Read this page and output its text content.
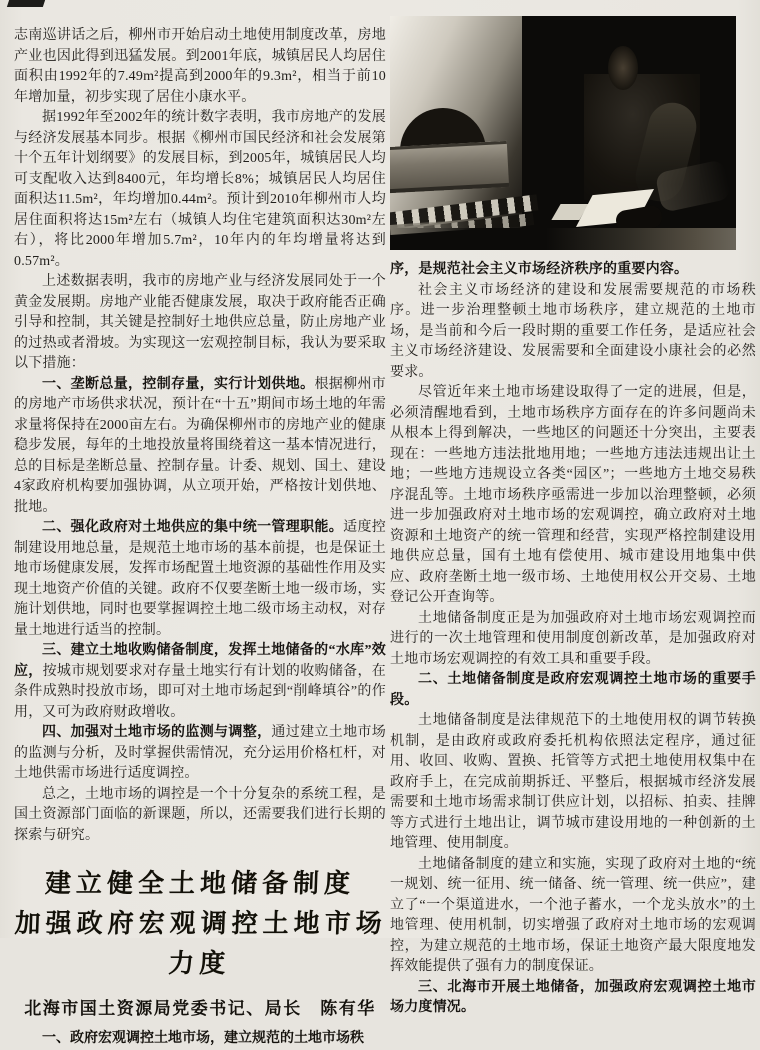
志南巡讲话之后，柳州市开始启动土地使用制度改革，房地产业也因此得到迅猛发展。到2001年底，城镇居民人均居住面积由1992年的7.49m²提高到2000年的9.3m²，相当于前10年增加量，初步实现了居住小康水平。

据1992年至2002年的统计数字表明，我市房地产的发展与经济发展基本同步。根据《柳州市国民经济和社会发展第十个五年计划纲要》的发展目标，到2005年，城镇居民人均可支配收入达到8400元，年均增长8%；城镇居民人均居住面积达11.5m²，年均增加0.44m²。预计到2010年柳州市人均居住面积将达15m²左右（城镇人均住宅建筑面积达30m²左右），将比2000年增加5.7m²，10年内的年均增量将达到0.57m²。

上述数据表明，我市的房地产业与经济发展同处于一个黄金发展期。房地产业能否健康发展，取决于政府能否正确引导和控制，其关键是控制好土地供应总量，防止房地产业的过热或者滑坡。为实现这一宏观控制目标，我认为要采取以下措施：

一、垄断总量，控制存量，实行计划供地。根据柳州市的房地产市场供求状况，预计在“十五”期间市场土地的年需求量将保持在2000亩左右。为确保柳州市的房地产业的健康稳步发展，每年的土地投放量将围绕着这一基本情况进行，总的目标是垄断总量、控制存量。计委、规划、国土、建设4家政府机构要加强协调，从立项开始，严格按计划供地、批地。

二、强化政府对土地供应的集中统一管理职能。适度控制建设用地总量，是规范土地市场的基本前提，也是保证土地市场健康发展，发挥市场配置土地资源的基础性作用及实现土地资产价值的关键。政府不仅要垄断土地一级市场，实施计划供地，同时也要掌握调控土地二级市场主动权，对存量土地进行适当的控制。

三、建立土地收购储备制度，发挥土地储备的“水库”效应，按城市规划要求对存量土地实行有计划的收购储备，在条件成熟时投放市场，即可对土地市场起到“削峰填谷”的作用，又可为政府财政增收。

四、加强对土地市场的监测与调整，通过建立土地市场的监测与分析，及时掌握供需情况，充分运用价格杠杆，对土地供需市场进行适度调控。

总之，土地市场的调控是一个十分复杂的系统工程，是国土资源部门面临的新课题，所以，还需要我们进行长期的探索与研究。

建立健全土地储备制度
加强政府宏观调控土地市场力度
北海市国土资源局党委书记、局长　陈有华
一、政府宏观调控土地市场，建立规范的土地市场秩

序，是规范社会主义市场经济秩序的重要内容。

社会主义市场经济的建设和发展需要规范的市场秩序。进一步治理整顿土地市场秩序，建立规范的土地市场，是当前和今后一段时期的重要工作任务，是适应社会主义市场经济建设、发展需要和全面建设小康社会的必然要求。

尽管近年来土地市场建设取得了一定的进展，但是，必须清醒地看到，土地市场秩序方面存在的许多问题尚未从根本上得到解决，一些地区的问题还十分突出，主要表现在：一些地方违法批地用地；一些地方违法违规出让土地；一些地方违规设立各类“园区”；一些地方土地交易秩序混乱等。土地市场秩序亟需进一步加以治理整顿，必须进一步加强政府对土地市场的宏观调控，确立政府对土地资源和土地资产的统一管理和经营，实现严格控制建设用地供应总量，国有土地有偿使用、城市建设用地集中供应、政府垄断土地一级市场、土地使用权公开交易、土地登记公开查询等。

土地储备制度正是为加强政府对土地市场宏观调控而进行的一次土地管理和使用制度创新改革，是加强政府对土地市场宏观调控的有效工具和重要手段。

二、土地储备制度是政府宏观调控土地市场的重要手段。

土地储备制度是法律规范下的土地使用权的调节转换机制，是由政府或政府委托机构依照法定程序，通过征用、收回、收购、置换、托管等方式把土地使用权集中在政府手上，在完成前期拆迁、平整后，根据城市经济发展需要和土地市场需求制订供应计划，以招标、拍卖、挂牌等方式进行土地出让，调节城市建设用地的一种创新的土地管理、使用制度。

土地储备制度的建立和实施，实现了政府对土地的“统一规划、统一征用、统一储备、统一管理、统一供应”，建立了“一个渠道进水，一个池子蓄水，一个龙头放水”的土地管理、使用机制，切实增强了政府对土地市场的宏观调控，为建立规范的土地市场，保证土地资产最大限度地发挥效能提供了强有力的制度保证。

三、北海市开展土地储备，加强政府宏观调控土地市场力度情况。
